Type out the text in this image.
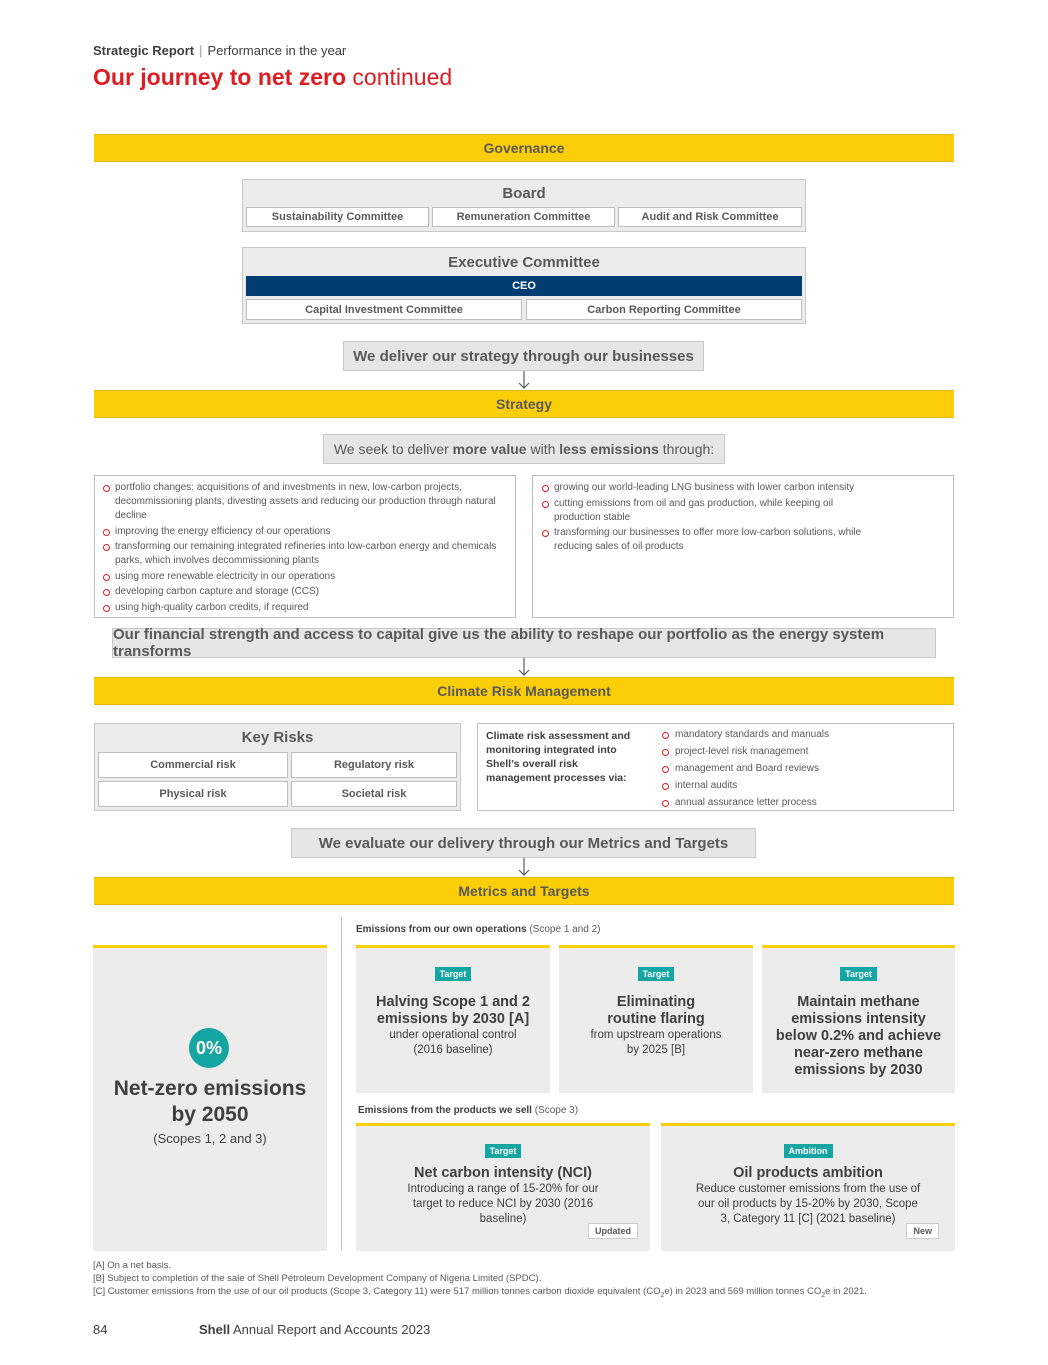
Strategic Report | Performance in the year
Our journey to net zero continued
Governance
Board
Sustainability Committee	Remuneration Committee	Audit and Risk Committee
Executive Committee
CEO
Capital Investment Committee	Carbon Reporting Committee
We deliver our strategy through our businesses
Strategy
We seek to deliver more value with less emissions through:
portfolio changes: acquisitions of and investments in new, low-carbon projects, decommissioning plants, divesting assets and reducing our production through natural decline
improving the energy efficiency of our operations
transforming our remaining integrated refineries into low-carbon energy and chemicals parks, which involves decommissioning plants
using more renewable electricity in our operations
developing carbon capture and storage (CCS)
using high-quality carbon credits, if required
growing our world-leading LNG business with lower carbon intensity
cutting emissions from oil and gas production, while keeping oil production stable
transforming our businesses to offer more low-carbon solutions, while reducing sales of oil products
Our financial strength and access to capital give us the ability to reshape our portfolio as the energy system transforms
Climate Risk Management
Key Risks
Commercial risk	Regulatory risk
Physical risk	Societal risk
Climate risk assessment and monitoring integrated into Shell’s overall risk management processes via:
mandatory standards and manuals
project-level risk management
management and Board reviews
internal audits
annual assurance letter process
We evaluate our delivery through our Metrics and Targets
Metrics and Targets
0%
Net-zero emissions by 2050
(Scopes 1, 2 and 3)
Emissions from our own operations (Scope 1 and 2)
Target
Halving Scope 1 and 2 emissions by 2030 [A]
under operational control (2016 baseline)
Target
Eliminating routine flaring
from upstream operations by 2025 [B]
Target
Maintain methane emissions intensity below 0.2% and achieve near-zero methane emissions by 2030
Emissions from the products we sell (Scope 3)
Target
Net carbon intensity (NCI)
Introducing a range of 15-20% for our target to reduce NCI by 2030 (2016 baseline)
Updated
Ambition
Oil products ambition
Reduce customer emissions from the use of our oil products by 15-20% by 2030, Scope 3, Category 11 [C] (2021 baseline)
New
[A] On a net basis.
[B] Subject to completion of the sale of Shell Petroleum Development Company of Nigeria Limited (SPDC).
[C] Customer emissions from the use of our oil products (Scope 3, Category 11) were 517 million tonnes carbon dioxide equivalent $(CO_2e)$ in 2023 and 569 million tonnes $CO_2e$ in 2021.
84	Shell Annual Report and Accounts 2023
